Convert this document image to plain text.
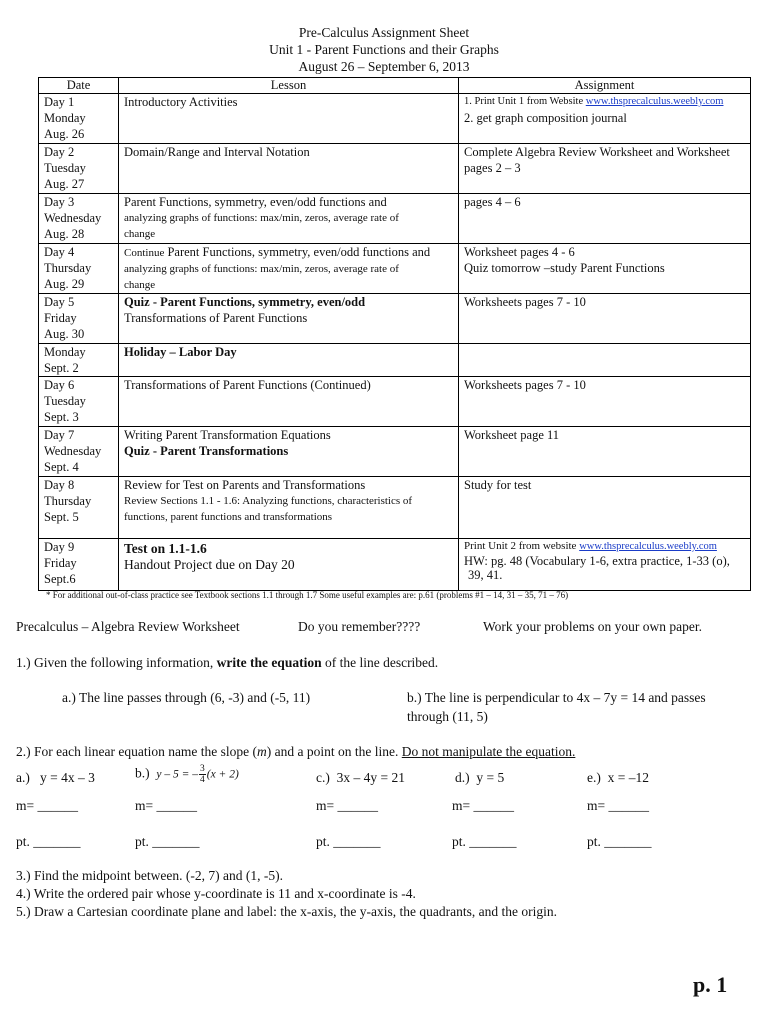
Pre-Calculus Assignment Sheet
Unit 1 - Parent Functions and their Graphs
August 26 – September 6, 2013
Date	Lesson	Assignment

Day 1
Monday
Aug. 26	Introductory Activities	1. Print Unit 1 from Website www.thsprecalculus.weebly.com
2. get graph composition journal

Day 2
Tuesday
Aug. 27	Domain/Range and Interval Notation	Complete Algebra Review Worksheet and Worksheet
pages 2 – 3

Day 3
Wednesday
Aug. 28	Parent Functions, symmetry, even/odd functions and
analyzing graphs of functions: max/min, zeros, average rate of
change	pages 4 – 6

Day 4
Thursday
Aug. 29	Continue Parent Functions, symmetry, even/odd functions and
analyzing graphs of functions: max/min, zeros, average rate of
change	Worksheet pages 4 - 6
Quiz tomorrow –study Parent Functions

Day 5
Friday
Aug. 30	Quiz - Parent Functions, symmetry, even/odd
Transformations of Parent Functions	Worksheets pages 7 - 10

Monday
Sept. 2	Holiday – Labor Day	

Day 6
Tuesday
Sept. 3	Transformations of Parent Functions (Continued)	Worksheets pages 7 - 10

Day 7
Wednesday
Sept. 4	Writing Parent Transformation Equations
Quiz - Parent Transformations	Worksheet page 11

Day 8
Thursday
Sept. 5	Review for Test on Parents and Transformations
Review Sections 1.1 - 1.6: Analyzing functions, characteristics of
functions, parent functions and transformations	Study for test

Day 9
Friday
Sept.6	Test on 1.1-1.6
Handout Project due on Day 20	Print Unit 2 from website www.thsprecalculus.weebly.com
HW: pg. 48 (Vocabulary 1-6, extra practice, 1-33 (o),
39, 41.
* For additional out-of-class practice see Textbook sections 1.1 through 1.7 Some useful examples are: p.61 (problems #1 – 14, 31 – 35, 71 – 76)
Precalculus – Algebra Review Worksheet	Do you remember????	Work your problems on your own paper.
1.) Given the following information, write the equation of the line described.
a.) The line passes through (6, -3) and (-5, 11)	b.) The line is perpendicular to 4x – 7y = 14 and passes
through (11, 5)
2.) For each linear equation name the slope (m) and a point on the line. Do not manipulate the equation.
a.) y = 4x – 3	b.) y – 5 = – $\frac{3}{4} (x + 2)$	c.) 3x – 4y = 21	d.) y = 5	e.) x = –12
m= ______	m= ______	m= ______	m= ______	m= ______
pt. _______	pt. _______	pt. _______	pt. _______	pt. _______
3.) Find the midpoint between. (-2, 7) and (1, -5).
4.) Write the ordered pair whose y-coordinate is 11 and x-coordinate is -4.
5.) Draw a Cartesian coordinate plane and label: the x-axis, the y-axis, the quadrants, and the origin.
p. 1
